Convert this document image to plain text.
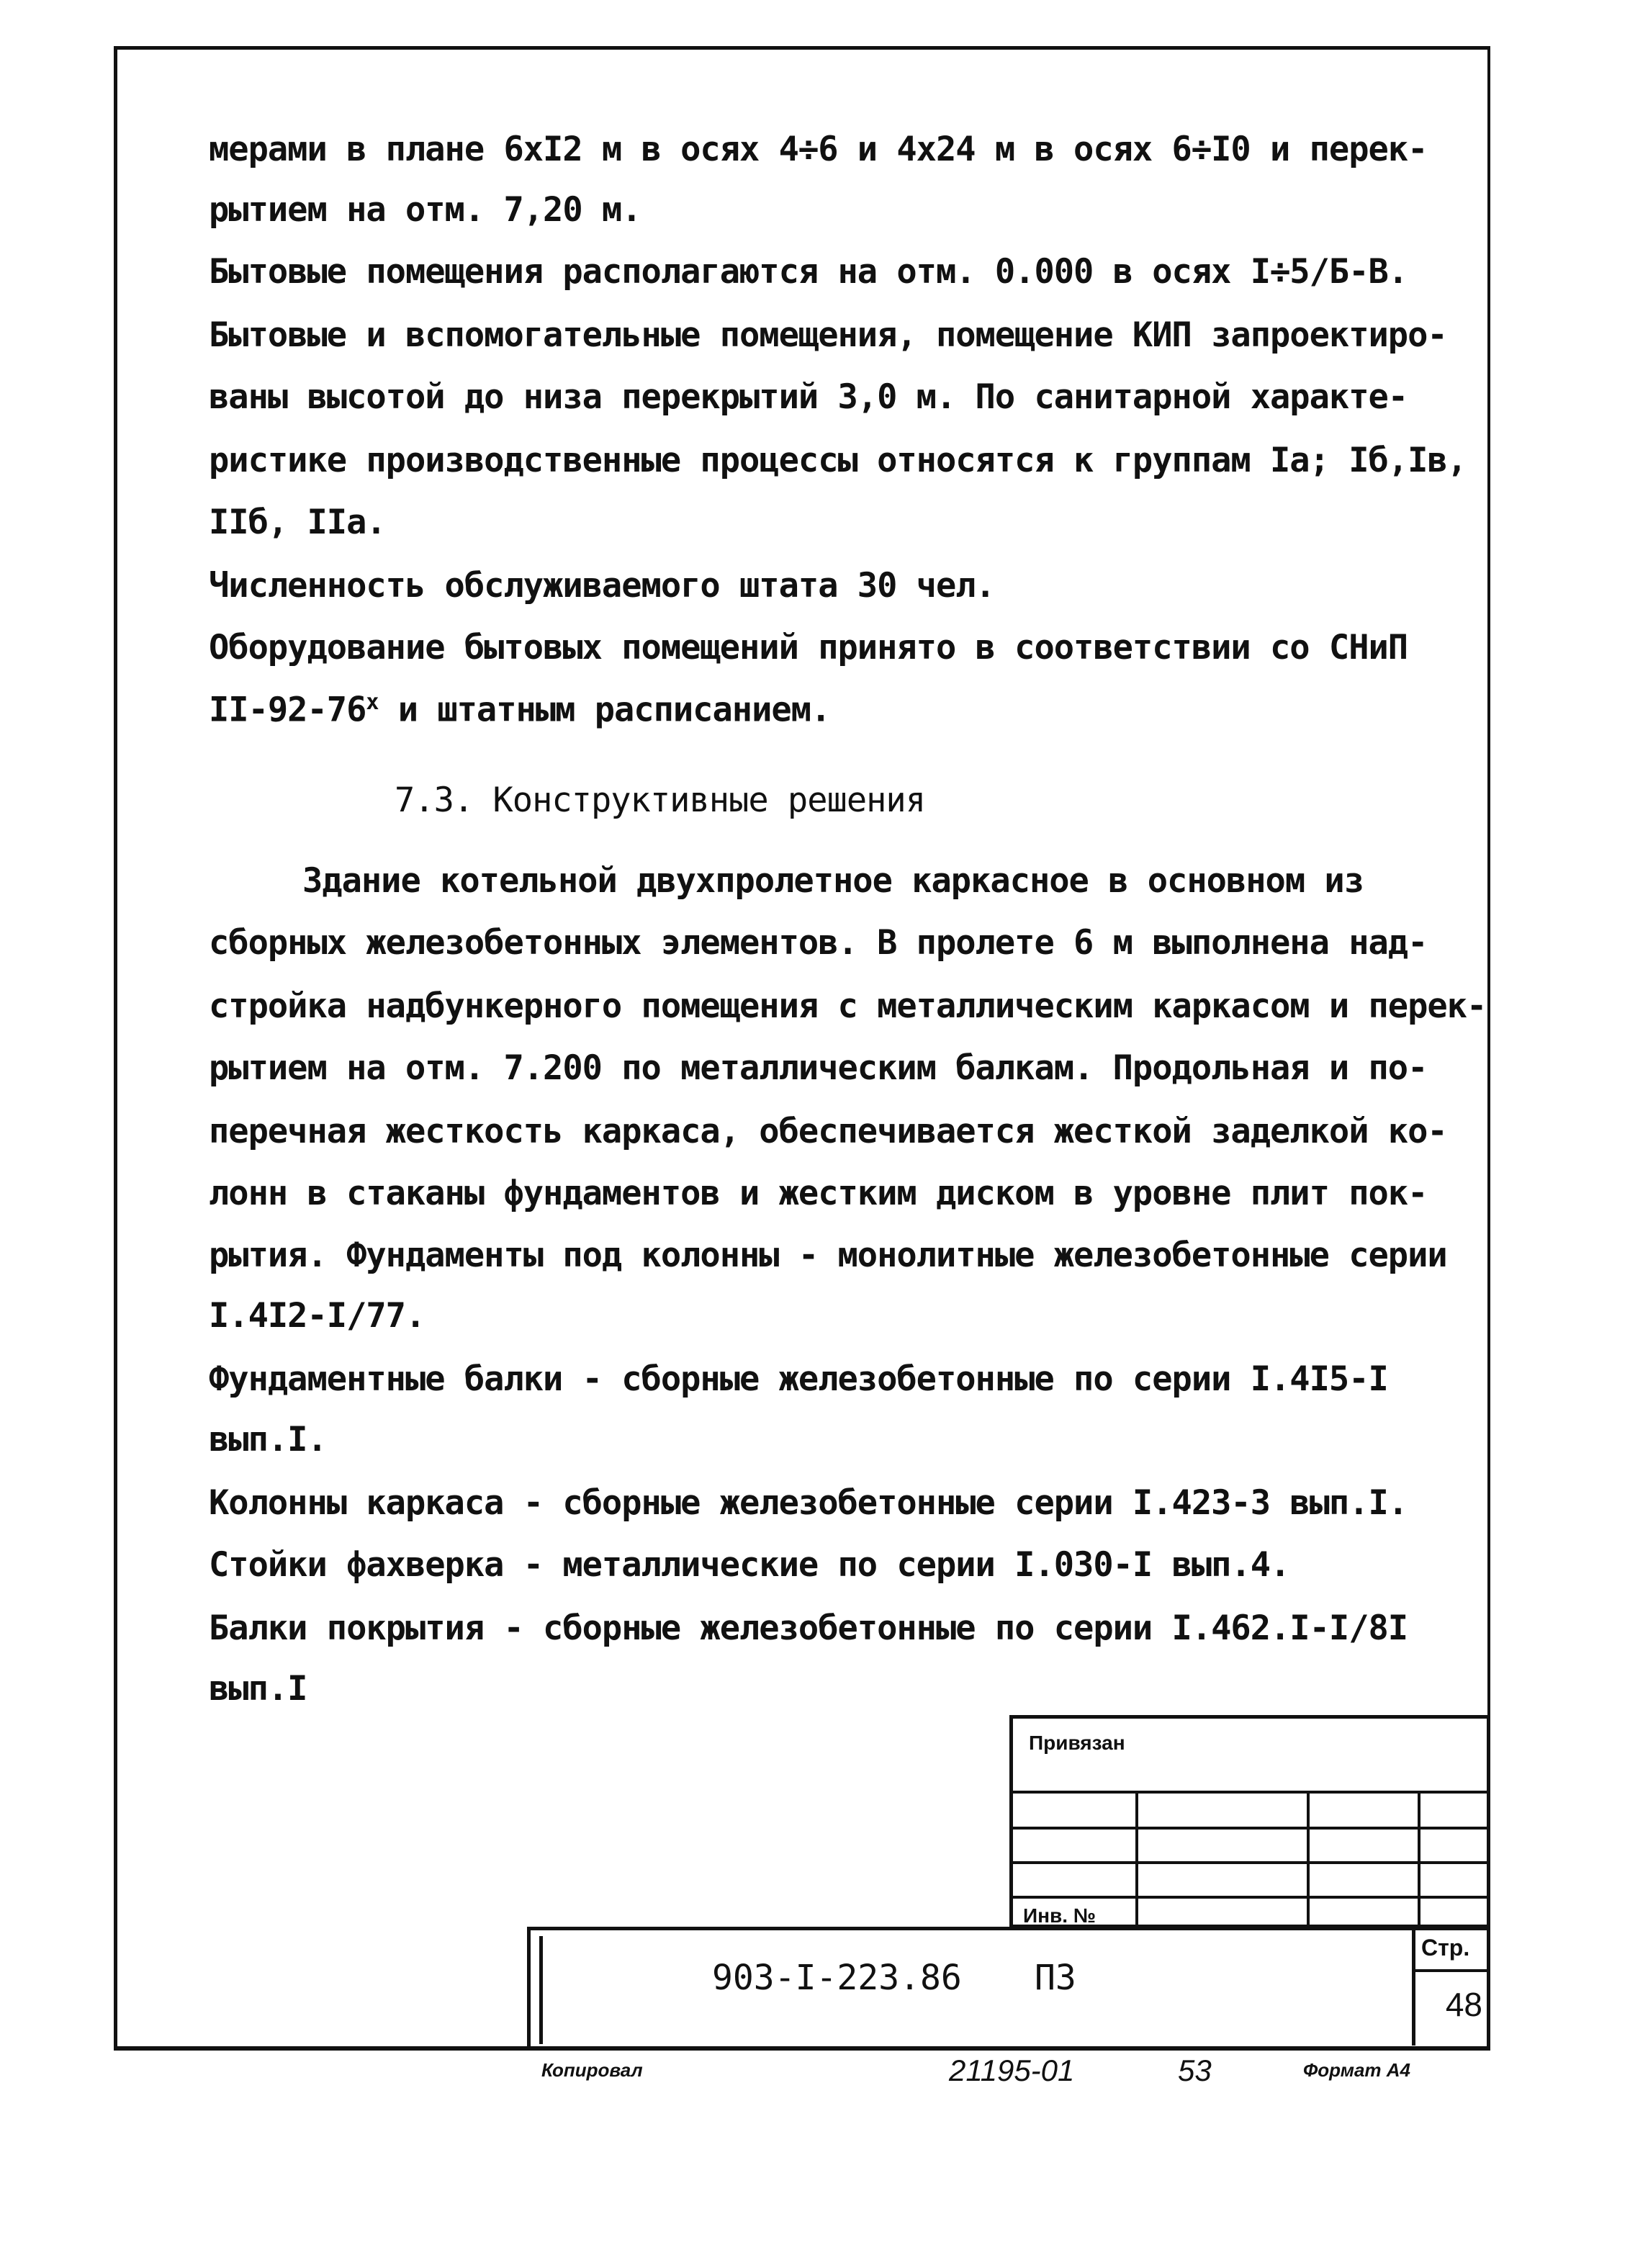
мерами в плане 6хI2 м в осях 4÷6 и 4х24 м в осях 6÷I0 и перек-
рытием на отм. 7,20 м.
Бытовые помещения располагаются на отм. 0.000 в осях I÷5/Б-В.
Бытовые и вспомогательные помещения, помещение КИП запроектиро-
ваны высотой до низа перекрытий 3,0 м. По санитарной характе-
ристике производственные процессы относятся к группам Iа; Iб,Iв,
IIб, IIа.
Численность обслуживаемого штата 30 чел.
Оборудование бытовых помещений принято в соответствии со СНиП
$II-92-76^х$ и штатным расписанием.
7.3. Конструктивные решения
Здание котельной двухпролетное каркасное в основном из
сборных железобетонных элементов. В пролете 6 м выполнена над-
стройка надбункерного помещения с металлическим каркасом и перек-
рытием на отм. 7.200 по металлическим балкам. Продольная и по-
перечная жесткость каркаса, обеспечивается жесткой заделкой ко-
лонн в стаканы фундаментов и жестким диском в уровне плит пок-
рытия. Фундаменты под колонны - монолитные железобетонные серии
I.4I2-I/77.
Фундаментные балки - сборные железобетонные по серии I.4I5-I
вып.I.
Колонны каркаса - сборные железобетонные серии I.423-3 вып.I.
Стойки фахверка - металлические по серии I.030-I вып.4.
Балки покрытия - сборные железобетонные по серии I.462.I-I/8I
вып.I
Привязан
Инв. №
903-I-223.86 ПЗ
Стр.
48
Копировал	21195-01	53	Формат А4
